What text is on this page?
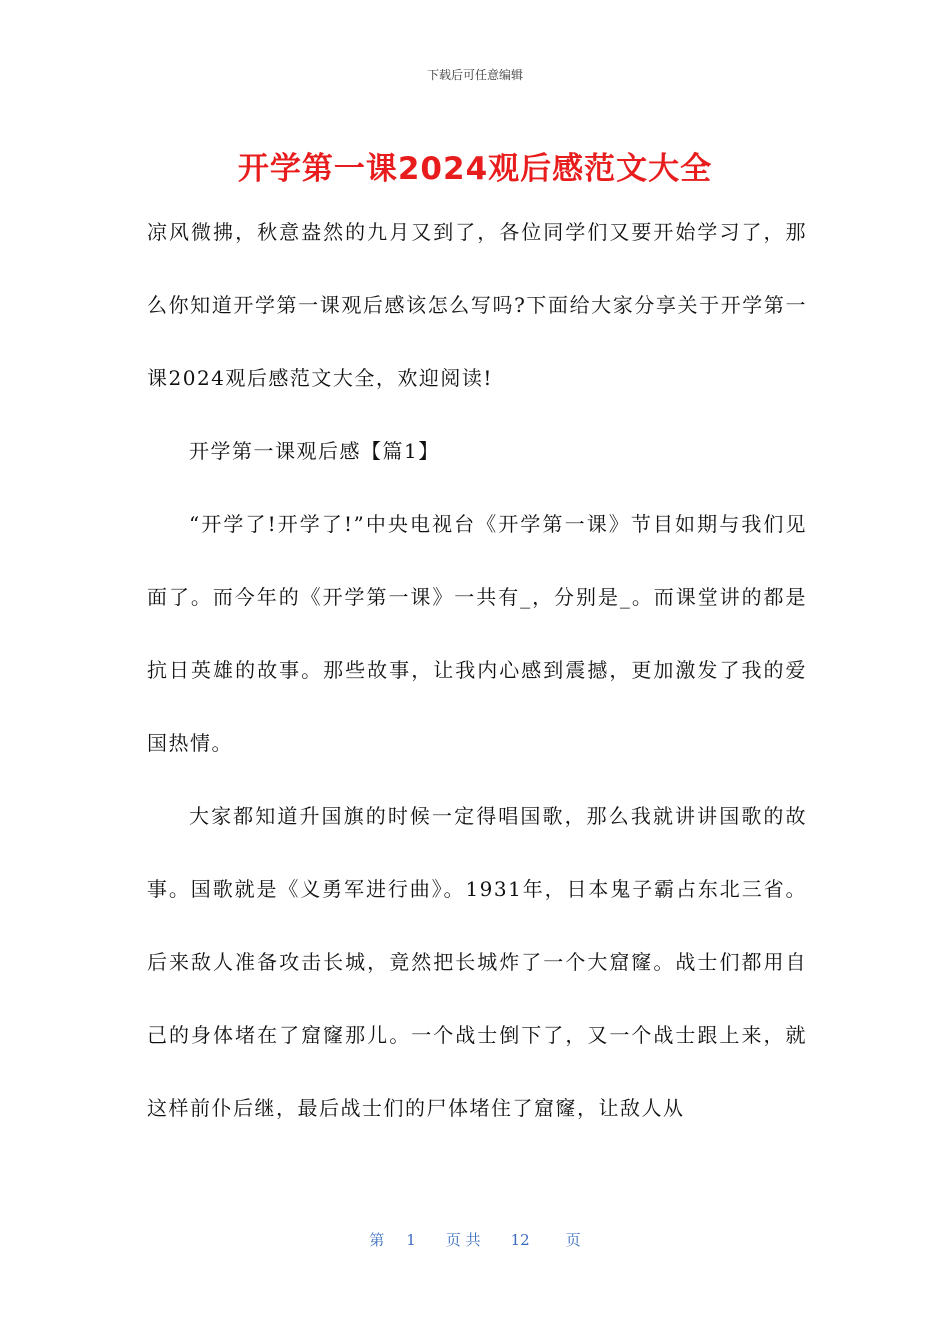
下载后可任意编辑
开学第一课2024观后感范文大全

凉风微拂，秋意盎然的九月又到了，各位同学们又要开始学习了，那么你知道开学第一课观后感该怎么写吗?下面给大家分享关于开学第一课2024观后感范文大全，欢迎阅读!

开学第一课观后感【篇1】

“开学了!开学了!”中央电视台《开学第一课》节目如期与我们见面了。而今年的《开学第一课》一共有_，分别是_。而课堂讲的都是抗日英雄的故事。那些故事，让我内心感到震撼，更加激发了我的爱国热情。

大家都知道升国旗的时候一定得唱国歌，那么我就讲讲国歌的故事。国歌就是《义勇军进行曲》。1931年，日本鬼子霸占东北三省。后来敌人准备攻击长城，竟然把长城炸了一个大窟窿。战士们都用自己的身体堵在了窟窿那儿。一个战士倒下了，又一个战士跟上来，就这样前仆后继，最后战士们的尸体堵住了窟窿，让敌人从

第 1 页 共 12 页
